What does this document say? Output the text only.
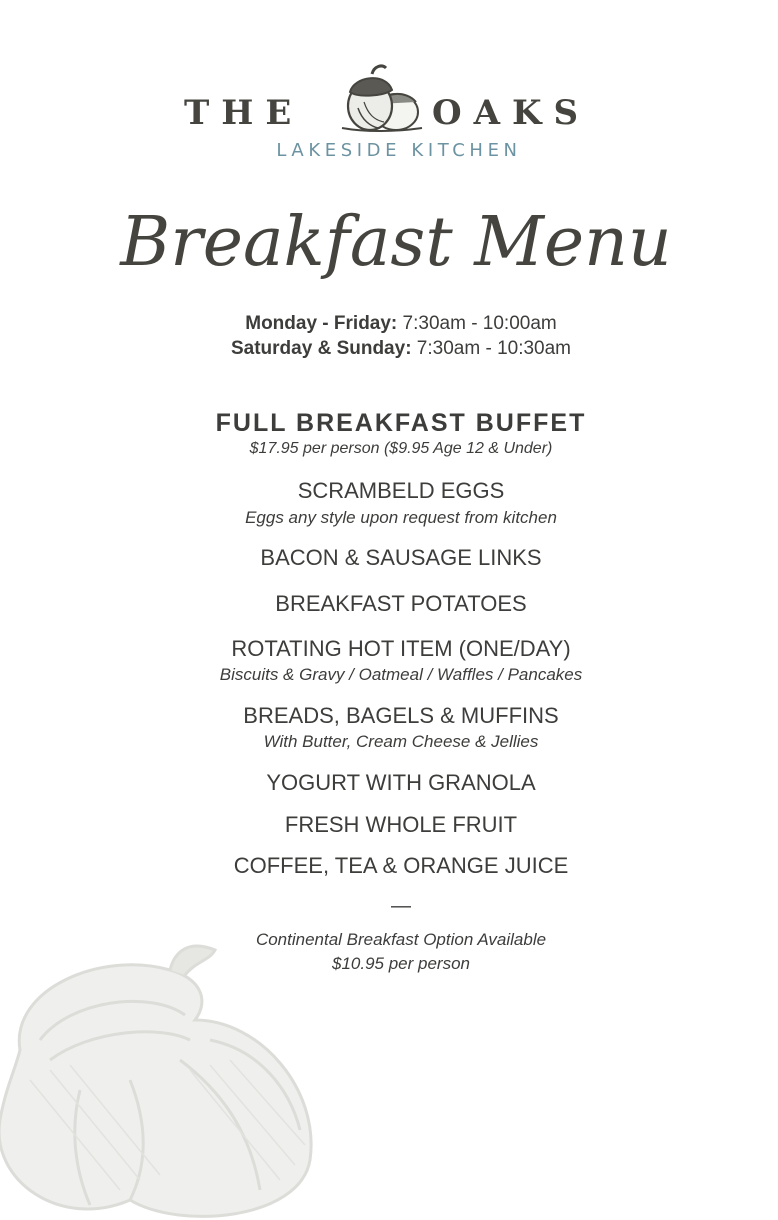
THE	OAKS
LAKESIDE KITCHEN
Breakfast Menu
Monday - Friday: 7:30am - 10:00am
Saturday & Sunday: 7:30am - 10:30am
FULL BREAKFAST BUFFET
$17.95 per person ($9.95 Age 12 & Under)
SCRAMBELD EGGS
Eggs any style upon request from kitchen
BACON & SAUSAGE LINKS
BREAKFAST POTATOES
ROTATING HOT ITEM (ONE/DAY)
Biscuits & Gravy / Oatmeal / Waffles / Pancakes
BREADS, BAGELS & MUFFINS
With Butter, Cream Cheese & Jellies
YOGURT WITH GRANOLA
FRESH WHOLE FRUIT
COFFEE, TEA & ORANGE JUICE
—
Continental Breakfast Option Available
$10.95 per person
